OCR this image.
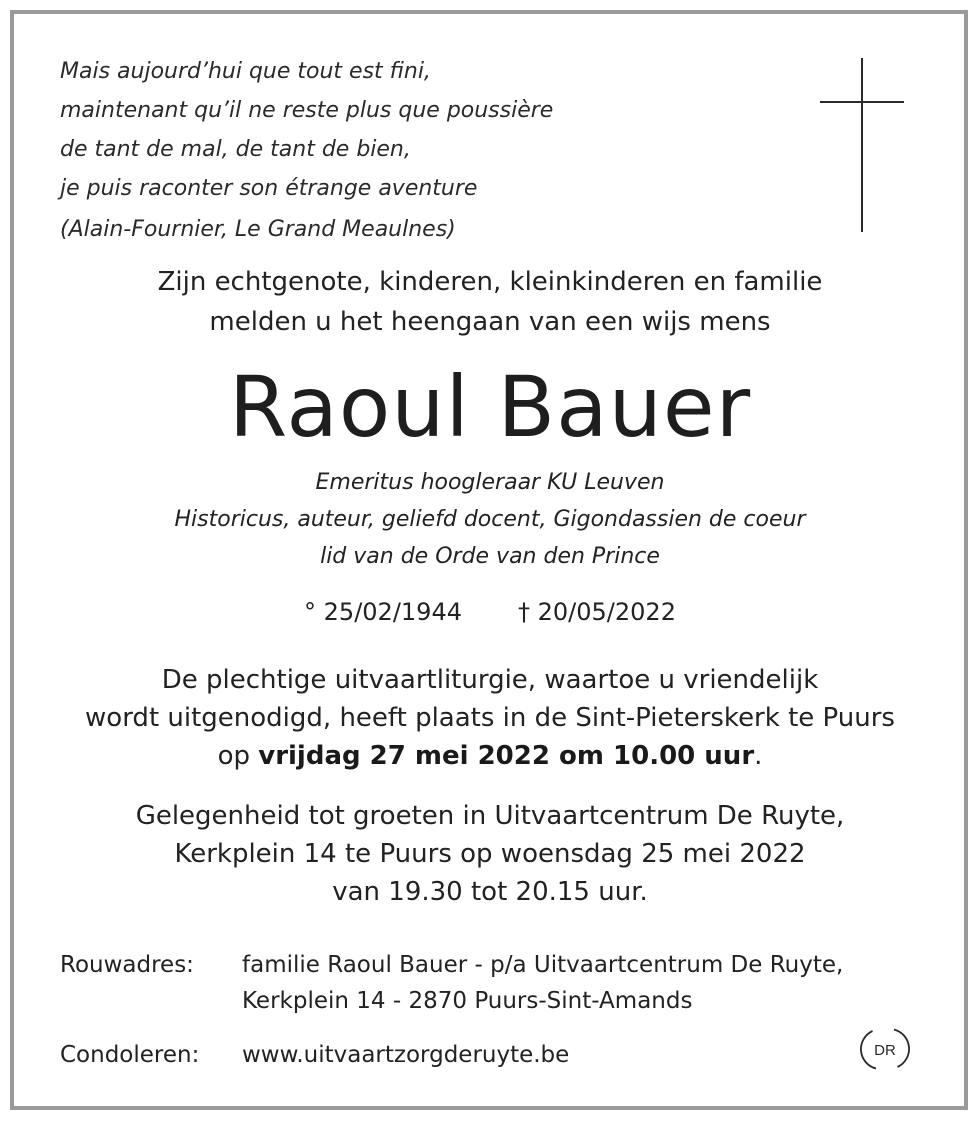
Mais aujourd’hui que tout est fini,
maintenant qu’il ne reste plus que poussière
de tant de mal, de tant de bien,
je puis raconter son étrange aventure
(Alain-Fournier, Le Grand Meaulnes)
Zijn echtgenote, kinderen, kleinkinderen en familie
melden u het heengaan van een wijs mens
Raoul Bauer
Emeritus hoogleraar KU Leuven
Historicus, auteur, geliefd docent, Gigondassien de coeur
lid van de Orde van den Prince
° 25/02/1944 † 20/05/2022
De plechtige uitvaartliturgie, waartoe u vriendelijk
wordt uitgenodigd, heeft plaats in de Sint-Pieterskerk te Puurs
op vrijdag 27 mei 2022 om 10.00 uur.
Gelegenheid tot groeten in Uitvaartcentrum De Ruyte,
Kerkplein 14 te Puurs op woensdag 25 mei 2022
van 19.30 tot 20.15 uur.
Rouwadres: familie Raoul Bauer - p/a Uitvaartcentrum De Ruyte,
Kerkplein 14 - 2870 Puurs-Sint-Amands
Condoleren: www.uitvaartzorgderuyte.be	DR
